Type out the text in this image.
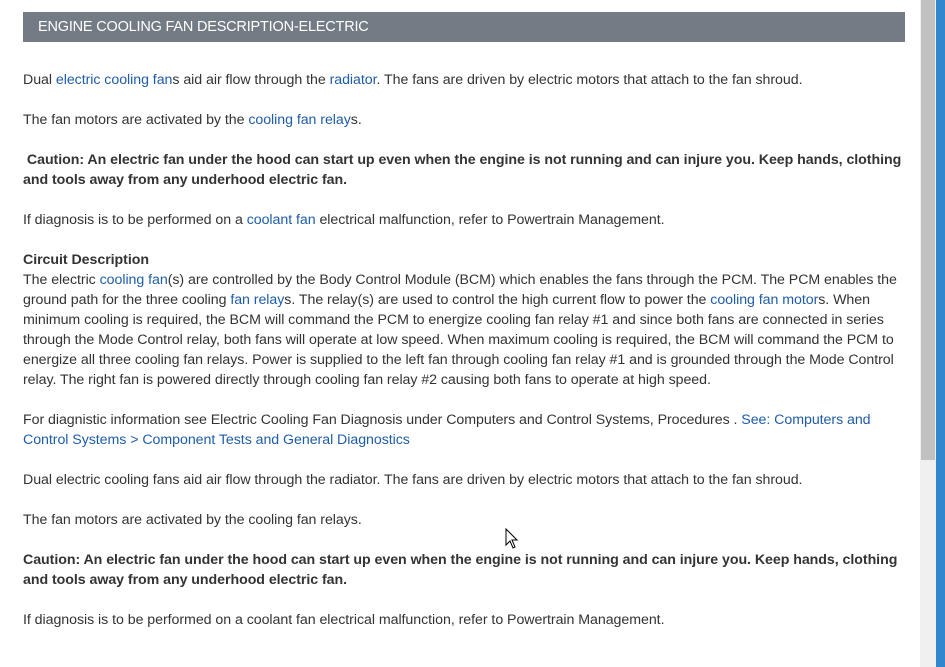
ENGINE COOLING FAN DESCRIPTION-ELECTRIC

Dual electric cooling fans aid air flow through the radiator. The fans are driven by electric motors that attach to the fan shroud.

The fan motors are activated by the cooling fan relays.

Caution: An electric fan under the hood can start up even when the engine is not running and can injure you. Keep hands, clothing and tools away from any underhood electric fan.

If diagnosis is to be performed on a coolant fan electrical malfunction, refer to Powertrain Management.

Circuit Description
The electric cooling fan(s) are controlled by the Body Control Module (BCM) which enables the fans through the PCM. The PCM enables the ground path for the three cooling fan relays. The relay(s) are used to control the high current flow to power the cooling fan motors. When minimum cooling is required, the BCM will command the PCM to energize cooling fan relay #1 and since both fans are connected in series through the Mode Control relay, both fans will operate at low speed. When maximum cooling is required, the BCM will command the PCM to energize all three cooling fan relays. Power is supplied to the left fan through cooling fan relay #1 and is grounded through the Mode Control relay. The right fan is powered directly through cooling fan relay #2 causing both fans to operate at high speed.

For diagnistic information see Electric Cooling Fan Diagnosis under Computers and Control Systems, Procedures . See: Computers and Control Systems > Component Tests and General Diagnostics

Dual electric cooling fans aid air flow through the radiator. The fans are driven by electric motors that attach to the fan shroud.

The fan motors are activated by the cooling fan relays.

Caution: An electric fan under the hood can start up even when the engine is not running and can injure you. Keep hands, clothing and tools away from any underhood electric fan.

If diagnosis is to be performed on a coolant fan electrical malfunction, refer to Powertrain Management.
